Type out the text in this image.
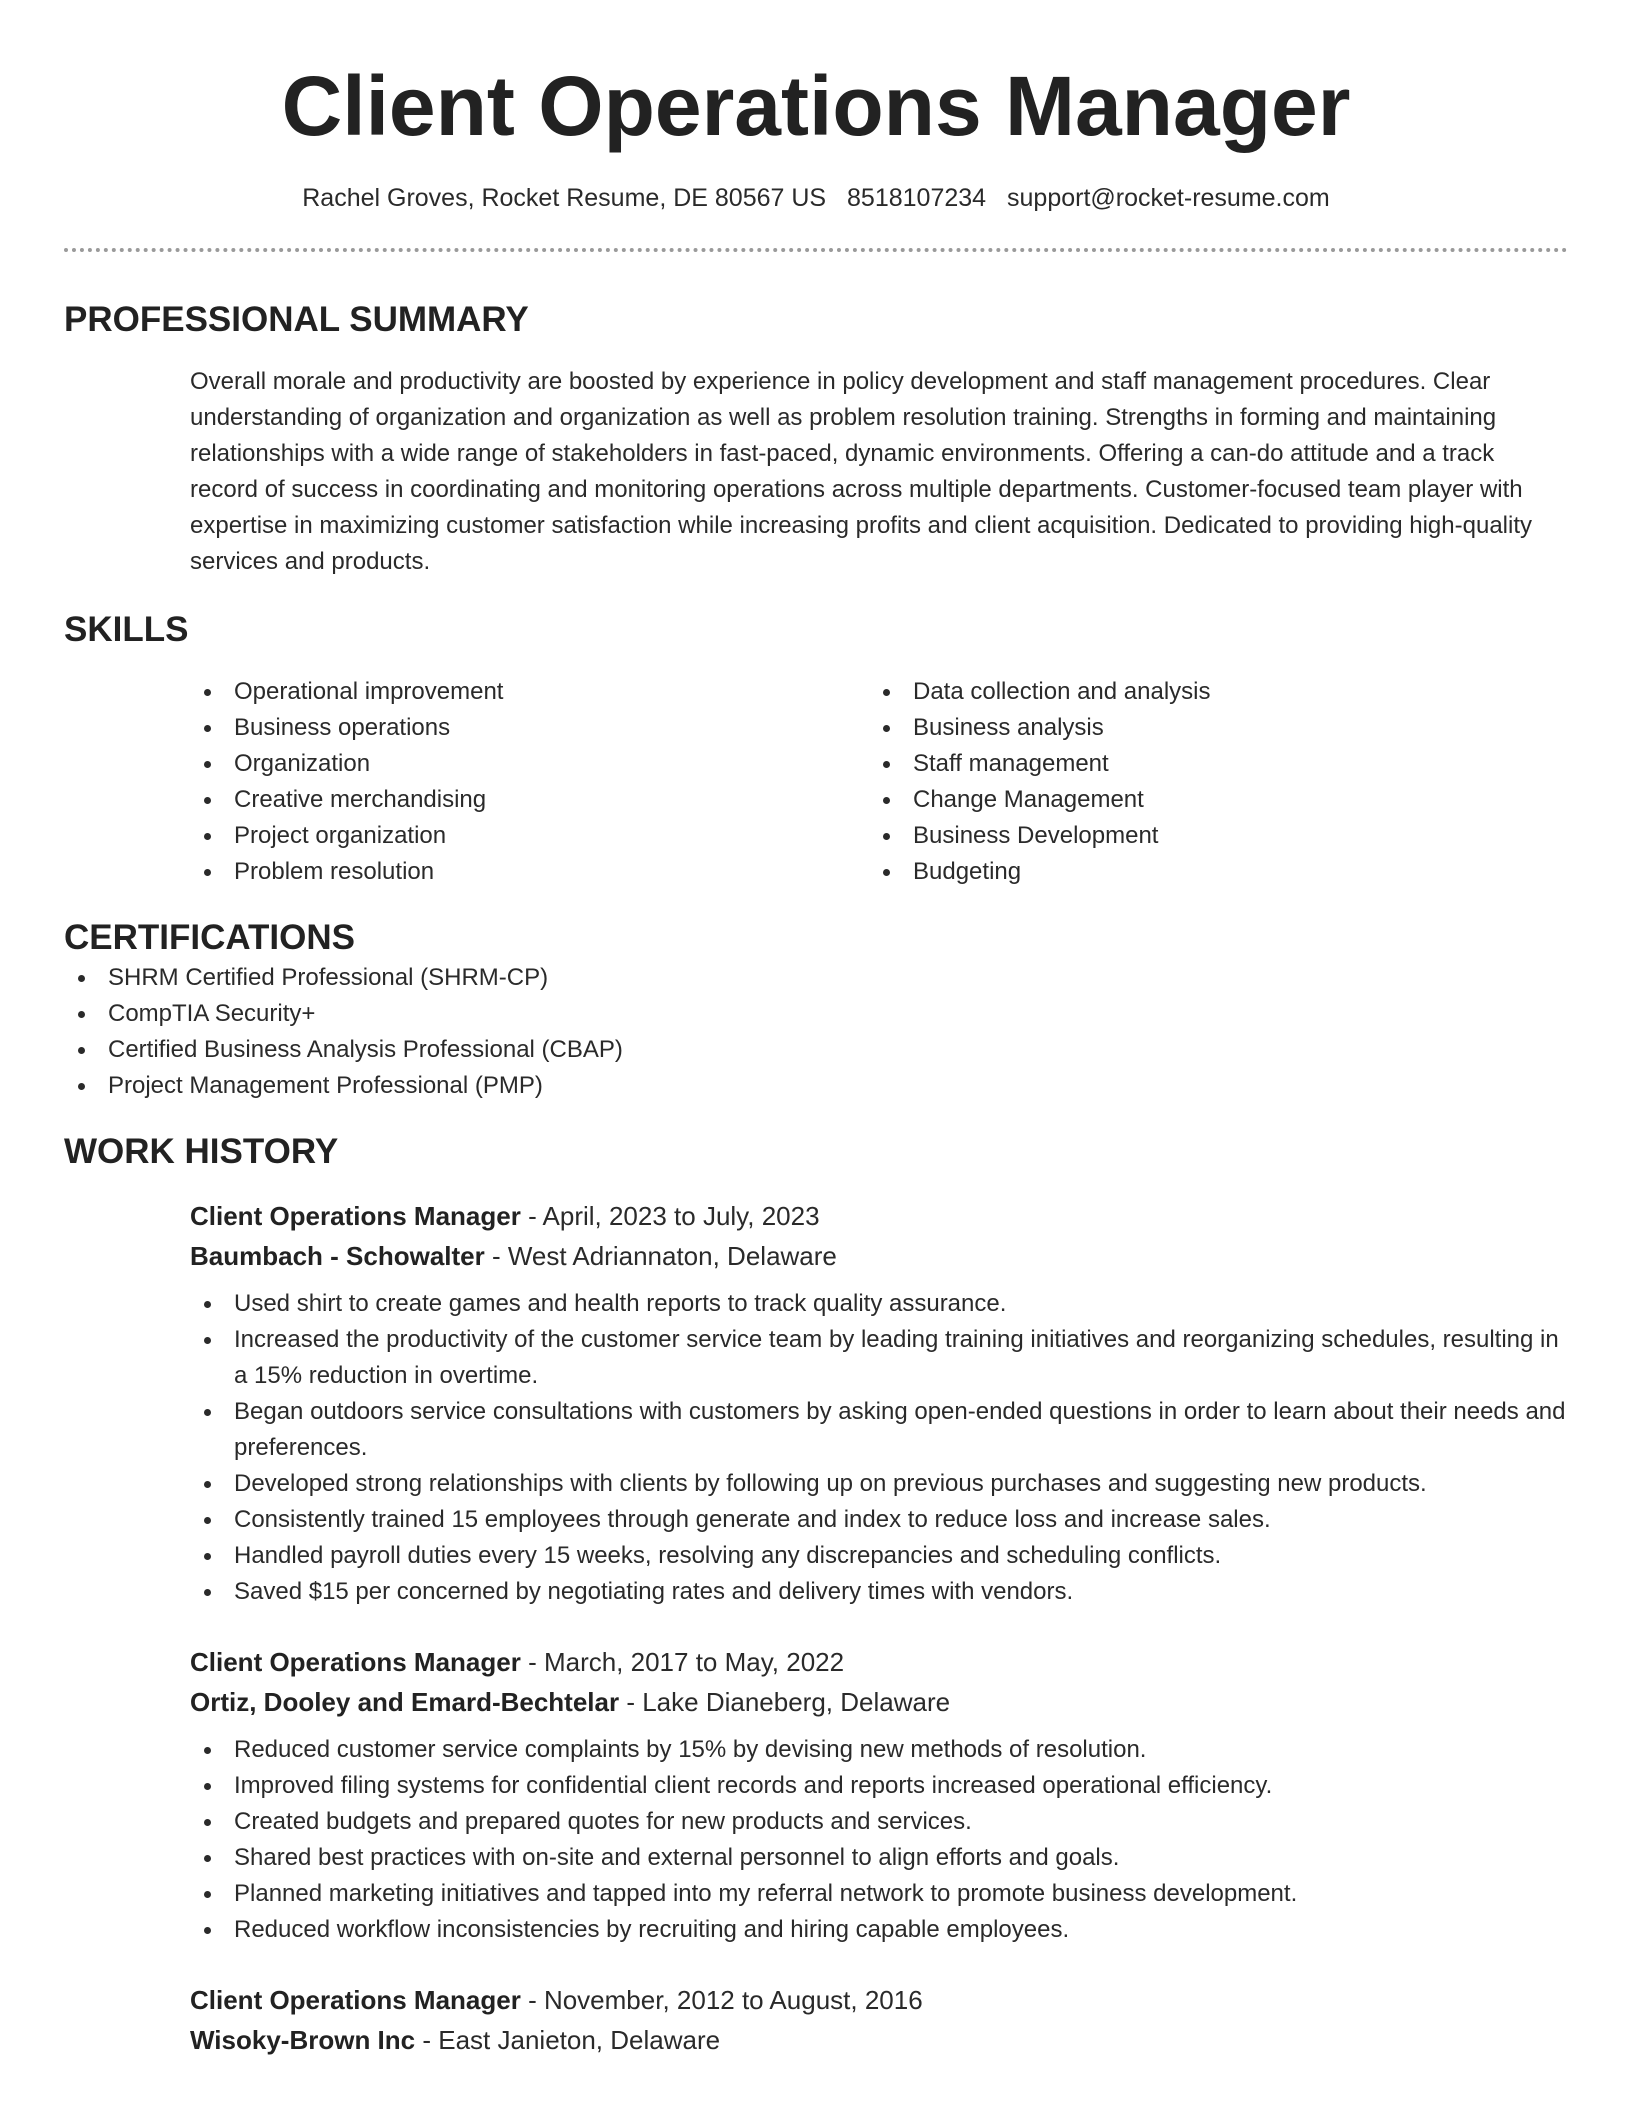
Client Operations Manager
Rachel Groves, Rocket Resume, DE 80567 US 8518107234 support@rocket-resume.com
PROFESSIONAL SUMMARY
Overall morale and productivity are boosted by experience in policy development and staff management procedures. Clear understanding of organization and organization as well as problem resolution training. Strengths in forming and maintaining relationships with a wide range of stakeholders in fast-paced, dynamic environments. Offering a can-do attitude and a track record of success in coordinating and monitoring operations across multiple departments. Customer-focused team player with expertise in maximizing customer satisfaction while increasing profits and client acquisition. Dedicated to providing high-quality services and products.
SKILLS
Operational improvement
Business operations
Organization
Creative merchandising
Project organization
Problem resolution
Data collection and analysis
Business analysis
Staff management
Change Management
Business Development
Budgeting
CERTIFICATIONS
SHRM Certified Professional (SHRM-CP)
CompTIA Security+
Certified Business Analysis Professional (CBAP)
Project Management Professional (PMP)
WORK HISTORY
Client Operations Manager - April, 2023 to July, 2023
Baumbach - Schowalter - West Adriannaton, Delaware
Used shirt to create games and health reports to track quality assurance.
Increased the productivity of the customer service team by leading training initiatives and reorganizing schedules, resulting in a 15% reduction in overtime.
Began outdoors service consultations with customers by asking open-ended questions in order to learn about their needs and preferences.
Developed strong relationships with clients by following up on previous purchases and suggesting new products.
Consistently trained 15 employees through generate and index to reduce loss and increase sales.
Handled payroll duties every 15 weeks, resolving any discrepancies and scheduling conflicts.
Saved $15 per concerned by negotiating rates and delivery times with vendors.
Client Operations Manager - March, 2017 to May, 2022
Ortiz, Dooley and Emard-Bechtelar - Lake Dianeberg, Delaware
Reduced customer service complaints by 15% by devising new methods of resolution.
Improved filing systems for confidential client records and reports increased operational efficiency.
Created budgets and prepared quotes for new products and services.
Shared best practices with on-site and external personnel to align efforts and goals.
Planned marketing initiatives and tapped into my referral network to promote business development.
Reduced workflow inconsistencies by recruiting and hiring capable employees.
Client Operations Manager - November, 2012 to August, 2016
Wisoky-Brown Inc - East Janieton, Delaware
